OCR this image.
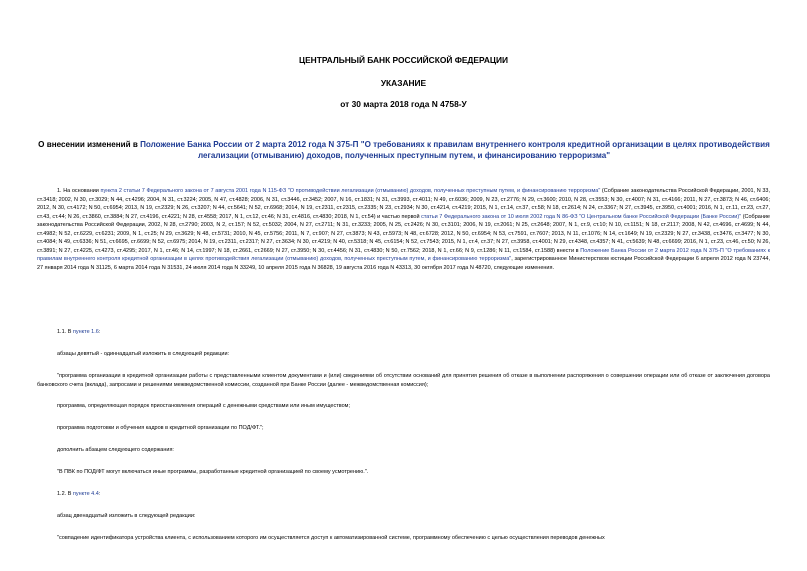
ЦЕНТРАЛЬНЫЙ БАНК РОССИЙСКОЙ ФЕДЕРАЦИИ
УКАЗАНИЕ
от 30 марта 2018 года N 4758-У
О внесении изменений в Положение Банка России от 2 марта 2012 года N 375-П "О требованиях к правилам внутреннего контроля кредитной организации в целях противодействия легализации (отмыванию) доходов, полученных преступным путем, и финансированию терроризма"
1. На основании пункта 2 статьи 7 Федерального закона от 7 августа 2001 года N 115-ФЗ "О противодействии легализации (отмыванию) доходов, полученных преступным путем, и финансированию терроризма" (Собрание законодательства Российской Федерации, 2001, N 33, ст.3418; 2002, N 30, ст.3029; N 44, ст.4296; 2004, N 31, ст.3224; 2005, N 47, ст.4828; 2006, N 31, ст.3446, ст.3452; 2007, N 16, ст.1831; N 31, ст.3993, ст.4011; N 49, ст.6036; 2009, N 23, ст.2776; N 29, ст.3600; 2010, N 28, ст.3553; N 30, ст.4007; N 31, ст.4166; 2011, N 27, ст.3873; N 46, ст.6406; 2012, N 30, ст.4172; N 50, ст.6954; 2013, N 19, ст.2329; N 26, ст.3207; N 44, ст.5641; N 52, ст.6968; 2014, N 19, ст.2311, ст.2315, ст.2335; N 23, ст.2934; N 30, ст.4214, ст.4219; 2015, N 1, ст.14, ст.37, ст.58; N 18, ст.2614; N 24, ст.3367; N 27, ст.3945, ст.3950, ст.4001; 2016, N 1, ст.11, ст.23, ст.27, ст.43, ст.44; N 26, ст.3860, ст.3884; N 27, ст.4196, ст.4221; N 28, ст.4558; 2017, N 1, ст.12, ст.46; N 31, ст.4816, ст.4830; 2018, N 1, ст.54) и частью первой статьи 7 Федерального закона от 10 июля 2002 года N 86-ФЗ "О Центральном банке Российской Федерации (Банке России)" (Собрание законодательства Российской Федерации, 2002, N 28, ст.2790; 2003, N 2, ст.157; N 52, ст.5032; 2004, N 27, ст.2711; N 31, ст.3233; 2005, N 25, ст.2426; N 30, ст.3101; 2006, N 19, ст.2061; N 25, ст.2648; 2007, N 1, ст.9, ст.10; N 10, ст.1151; N 18, ст.2117; 2008, N 42, ст.4696, ст.4699; N 44, ст.4982; N 52, ст.6229, ст.6231; 2009, N 1, ст.25; N 29, ст.3629; N 48, ст.5731; 2010, N 45, ст.5756; 2011, N 7, ст.907; N 27, ст.3873; N 43, ст.5973; N 48, ст.6728; 2012, N 50, ст.6954; N 53, ст.7591, ст.7607; 2013, N 11, ст.1076; N 14, ст.1649; N 19, ст.2329; N 27, ст.3438, ст.3476, ст.3477; N 30, ст.4084; N 49, ст.6336; N 51, ст.6695, ст.6699; N 52, ст.6975; 2014, N 19, ст.2311, ст.2317; N 27, ст.3634; N 30, ст.4219; N 40, ст.5318; N 45, ст.6154; N 52, ст.7543; 2015, N 1, ст.4, ст.37; N 27, ст.3958, ст.4001; N 29, ст.4348, ст.4357; N 41, ст.5639; N 48, ст.6699; 2016, N 1, ст.23, ст.46, ст.50; N 26, ст.3891; N 27, ст.4225, ст.4273, ст.4295; 2017, N 1, ст.46; N 14, ст.1997; N 18, ст.2661, ст.2669; N 27, ст.3950; N 30, ст.4456; N 31, ст.4830; N 50, ст.7562; 2018, N 1, ст.66; N 9, ст.1286; N 11, ст.1584, ст.1588) внести в Положение Банка России от 2 марта 2012 года N 375-П "О требованиях к правилам внутреннего контроля кредитной организации в целях противодействия легализации (отмыванию) доходов, полученных преступным путем, и финансированию терроризма", зарегистрированное Министерством юстиции Российской Федерации 6 апреля 2012 года N 23744, 27 января 2014 года N 31125, 6 марта 2014 года N 31531, 24 июля 2014 года N 33249, 10 апреля 2015 года N 36828, 19 августа 2016 года N 43313, 30 октября 2017 года N 48720, следующие изменения.
1.1. В пункте 1.6:
абзацы девятый - одиннадцатый изложить в следующей редакции:
"программа организации в кредитной организации работы с представленными клиентом документами и (или) сведениями об отсутствии оснований для принятия решения об отказе в выполнении распоряжения о совершении операции или об отказе от заключения договора банковского счета (вклада), запросами и решениями межведомственной комиссии, созданной при Банке России (далее - межведомственная комиссия);
программа, определяющая порядок приостановления операций с денежными средствами или иным имуществом;
программа подготовки и обучения кадров в кредитной организации по ПОД/ФТ.";
дополнить абзацем следующего содержания:
"В ПВК по ПОД/ФТ могут включаться иные программы, разработанные кредитной организацией по своему усмотрению.".
1.2. В пункте 4.4:
абзац двенадцатый изложить в следующей редакции:
"совпадение идентификатора устройства клиента, с использованием которого им осуществляется доступ к автоматизированной системе, программному обеспечению с целью осуществления переводов денежных
